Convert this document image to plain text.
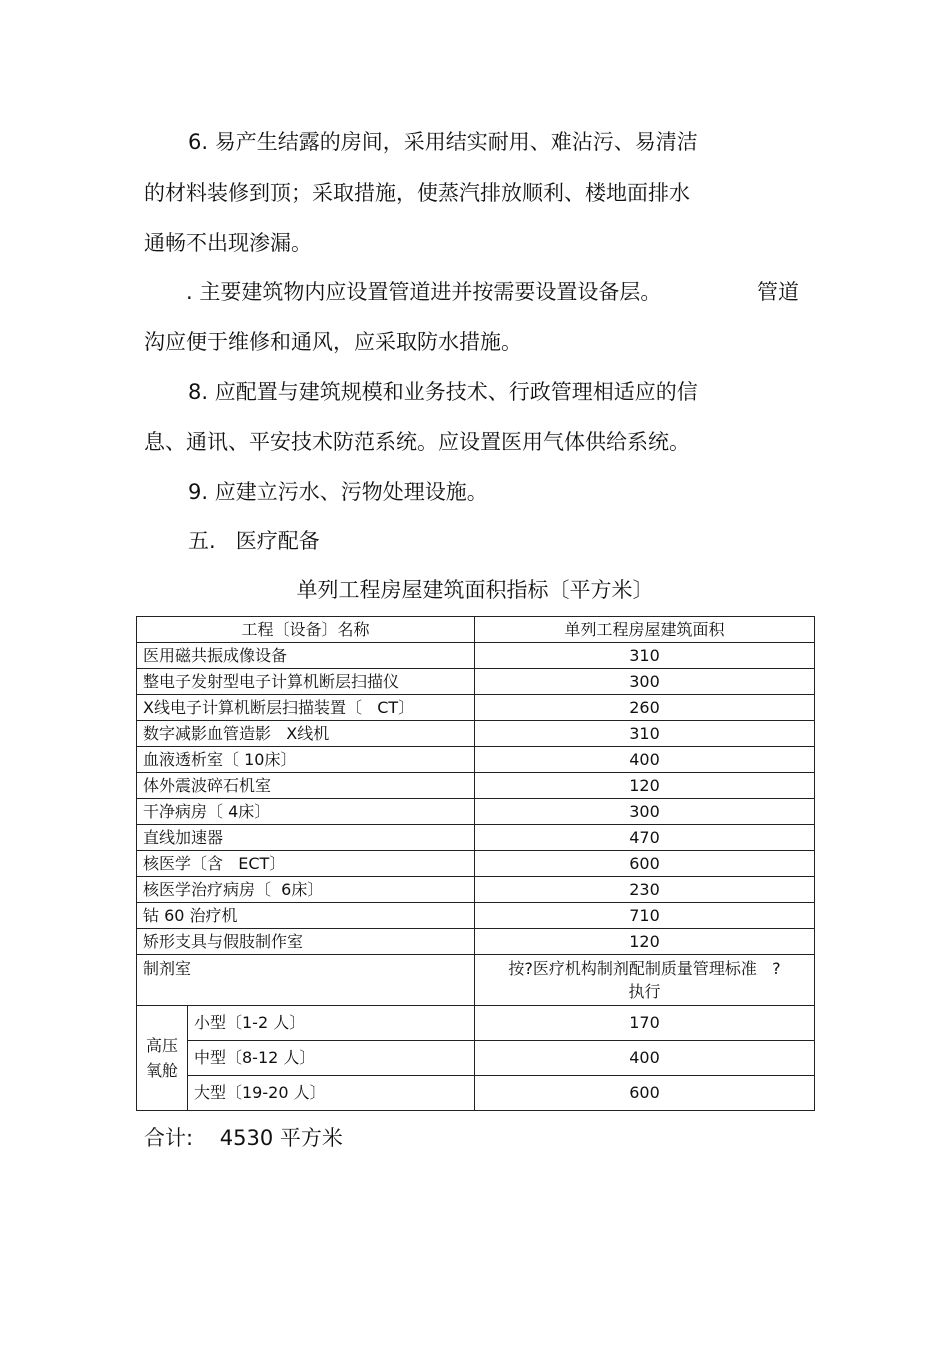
6. 易产生结露的房间，采用结实耐用、难沾污、易清洁
的材料装修到顶；采取措施，使蒸汽排放顺利、楼地面排水
通畅不出现渗漏。
. 主要建筑物内应设置管道进并按需要设置设备层。	管道
沟应便于维修和通风，应采取防水措施。
8. 应配置与建筑规模和业务技术、行政管理相适应的信
息、通讯、平安技术防范系统。应设置医用气体供给系统。
9. 应建立污水、污物处理设施。
五.   医疗配备
单列工程房屋建筑面积指标〔平方米〕
工程〔设备〕名称		单列工程房屋建筑面积
医用磁共振成像设备		310
整电子发射型电子计算机断层扫描仪		300
X线电子计算机断层扫描装置〔   CT〕		260
数字减影血管造影   X线机		310
血液透析室〔 10床〕		400
体外震波碎石机室		120
干净病房〔 4床〕		300
直线加速器		470
核医学〔含   ECT〕		600
核医学治疗病房〔  6床〕		230
钴 60 治疗机		710
矫形支具与假肢制作室		120
制剂室		按?医疗机构制剂配制质量管理标准   ?
执行

高压氧舱	小型〔1-2 人〕	170
	中型〔8-12 人〕	400
	大型〔19-20 人〕	600
合计:    4530 平方米
